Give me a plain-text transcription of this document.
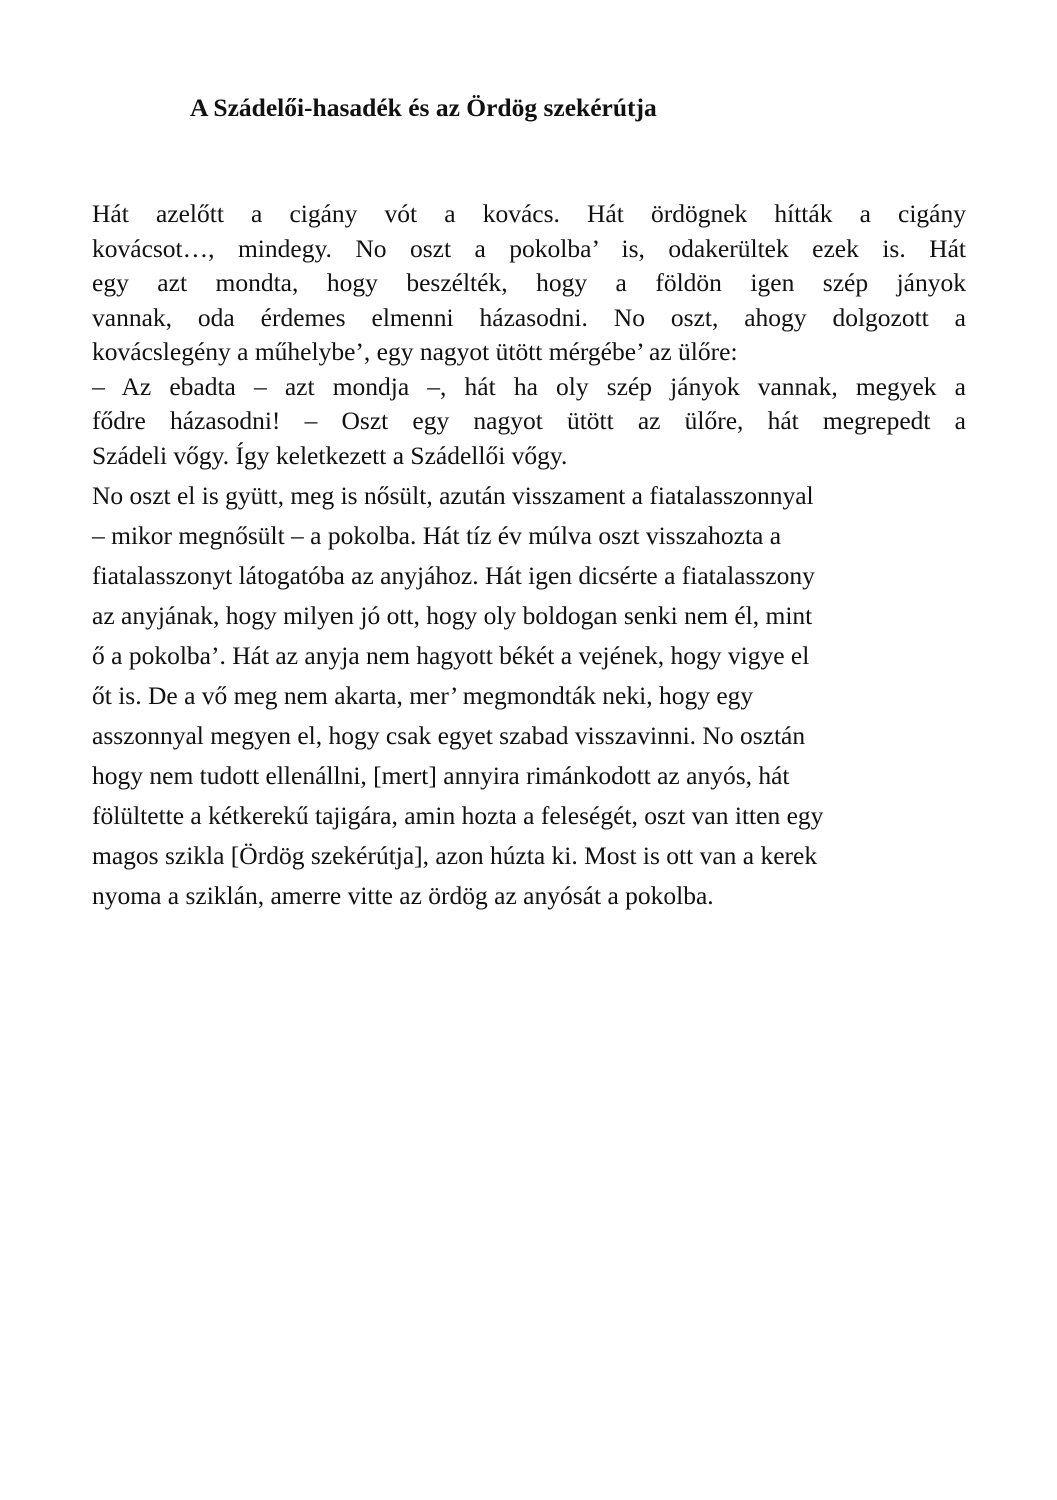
A Szádelői-hasadék és az Ördög szekérútja
Hát azelőtt a cigány vót a kovács. Hát ördögnek hítták a cigány
kovácsot…, mindegy. No oszt a pokolba’ is, odakerültek ezek is. Hát
egy azt mondta, hogy beszélték, hogy a földön igen szép jányok
vannak, oda érdemes elmenni házasodni. No oszt, ahogy dolgozott a
kovácslegény a műhelybe’, egy nagyot ütött mérgébe’ az ülőre:
– Az ebadta – azt mondja –, hát ha oly szép jányok vannak, megyek a
fődre házasodni! – Oszt egy nagyot ütött az ülőre, hát megrepedt a
Szádeli vőgy. Így keletkezett a Szádellői vőgy.
No oszt el is gyütt, meg is nősült, azután visszament a fiatalasszonnyal
– mikor megnősült – a pokolba. Hát tíz év múlva oszt visszahozta a
fiatalasszonyt látogatóba az anyjához. Hát igen dicsérte a fiatalasszony
az anyjának, hogy milyen jó ott, hogy oly boldogan senki nem él, mint
ő a pokolba’. Hát az anyja nem hagyott békét a vejének, hogy vigye el
őt is. De a vő meg nem akarta, mer’ megmondták neki, hogy egy
asszonnyal megyen el, hogy csak egyet szabad visszavinni. No osztán
hogy nem tudott ellenállni, [mert] annyira rimánkodott az anyós, hát
fölültette a kétkerekű tajigára, amin hozta a feleségét, oszt van itten egy
magos szikla [Ördög szekérútja], azon húzta ki. Most is ott van a kerek
nyoma a sziklán, amerre vitte az ördög az anyósát a pokolba.
